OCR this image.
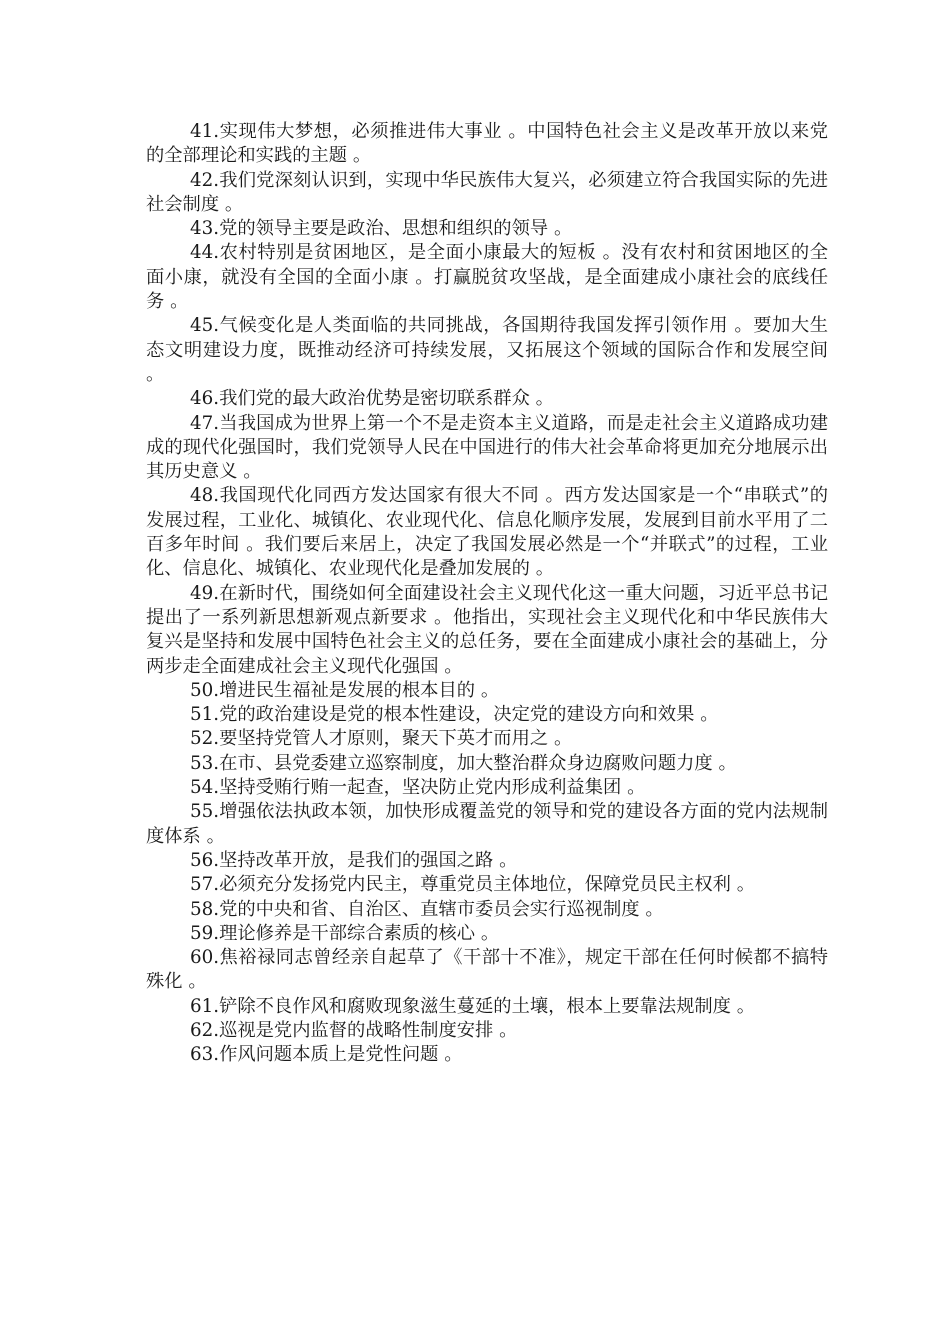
41.实现伟大梦想，必须推进伟大事业 。中国特色社会主义是改革开放以来党的全部理论和实践的主题 。

42.我们党深刻认识到，实现中华民族伟大复兴，必须建立符合我国实际的先进社会制度 。

43.党的领导主要是政治、思想和组织的领导 。

44.农村特别是贫困地区，是全面小康最大的短板 。没有农村和贫困地区的全面小康，就没有全国的全面小康 。打赢脱贫攻坚战，是全面建成小康社会的底线任务 。

45.气候变化是人类面临的共同挑战，各国期待我国发挥引领作用 。要加大生态文明建设力度，既推动经济可持续发展，又拓展这个领域的国际合作和发展空间 。

46.我们党的最大政治优势是密切联系群众 。

47.当我国成为世界上第一个不是走资本主义道路，而是走社会主义道路成功建成的现代化强国时，我们党领导人民在中国进行的伟大社会革命将更加充分地展示出其历史意义 。

48.我国现代化同西方发达国家有很大不同 。西方发达国家是一个“串联式”的发展过程，工业化、城镇化、农业现代化、信息化顺序发展，发展到目前水平用了二百多年时间 。我们要后来居上，决定了我国发展必然是一个“并联式”的过程，工业化、信息化、城镇化、农业现代化是叠加发展的 。

49.在新时代，围绕如何全面建设社会主义现代化这一重大问题，习近平总书记提出了一系列新思想新观点新要求 。他指出，实现社会主义现代化和中华民族伟大复兴是坚持和发展中国特色社会主义的总任务，要在全面建成小康社会的基础上，分两步走全面建成社会主义现代化强国 。

50.增进民生福祉是发展的根本目的 。

51.党的政治建设是党的根本性建设，决定党的建设方向和效果 。

52.要坚持党管人才原则，聚天下英才而用之 。

53.在市、县党委建立巡察制度，加大整治群众身边腐败问题力度 。

54.坚持受贿行贿一起查，坚决防止党内形成利益集团 。

55.增强依法执政本领，加快形成覆盖党的领导和党的建设各方面的党内法规制度体系 。

56.坚持改革开放，是我们的强国之路 。

57.必须充分发扬党内民主，尊重党员主体地位，保障党员民主权利 。

58.党的中央和省、自治区、直辖市委员会实行巡视制度 。

59.理论修养是干部综合素质的核心 。

60.焦裕禄同志曾经亲自起草了《干部十不准》，规定干部在任何时候都不搞特殊化 。

61.铲除不良作风和腐败现象滋生蔓延的土壤，根本上要靠法规制度 。

62.巡视是党内监督的战略性制度安排 。

63.作风问题本质上是党性问题 。
